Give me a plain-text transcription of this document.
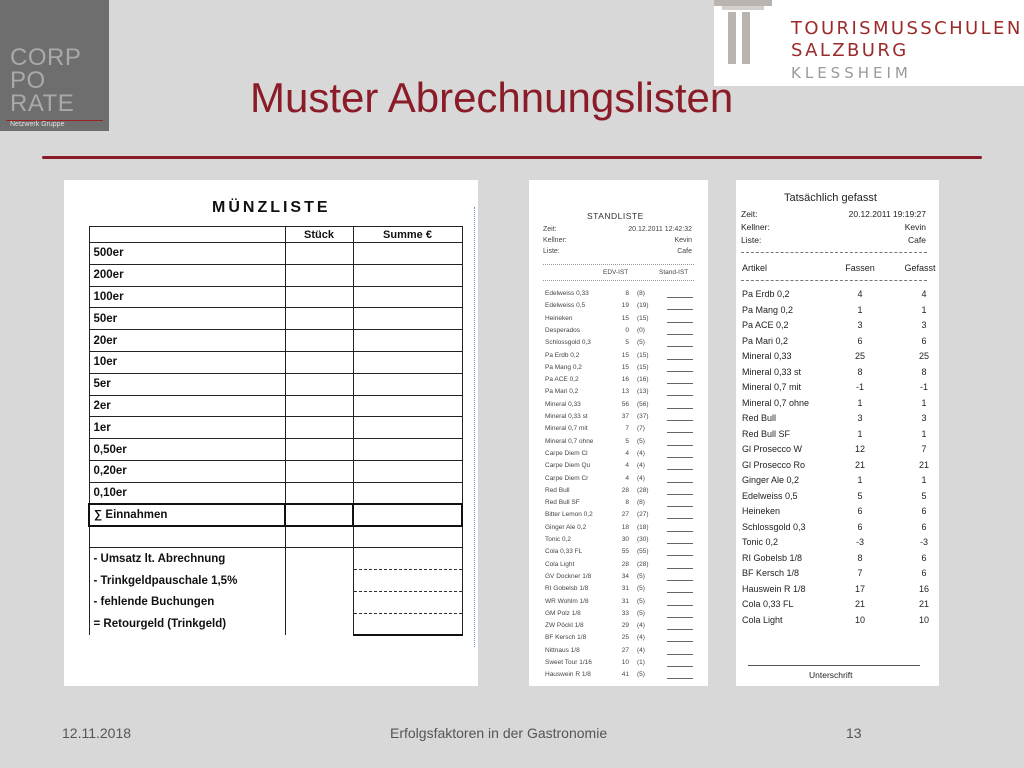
CORP
PO
RATE
Netzwerk Gruppe
TOURISMUSSCHULEN
SALZBURG
KLESSHEIM
Muster Abrechnungslisten
MÜNZLISTE
	Stück	Summe €
500er		
200er		
100er		
50er		
20er		
10er		
5er		
2er		
1er		
0,50er		
0,20er		
0,10er		
∑ Einnahmen		

- Umsatz lt. Abrechnung		
- Trinkgeldpauschale 1,5%		
- fehlende Buchungen		
= Retourgeld (Trinkgeld)		
STANDLISTE
Zeit:	20.12.2011 12:42:32
Kellner:	Kevin
Liste:	Cafe
EDV-IST	Stand-IST
Edelweiss 0,33	8 (8)
Edelweiss 0,5	19 (19)
Heineken	15 (15)
Desperados	0 (0)
Schlossgold 0,3	5 (5)
Pa Erdb 0,2	15 (15)
Pa Mang 0,2	15 (15)
Pa ACE 0,2	16 (16)
Pa Mari 0,2	13 (13)
Mineral 0,33	56 (56)
Mineral 0,33 st	37 (37)
Mineral 0,7 mit	7 (7)
Mineral 0,7 ohne	5 (5)
Carpe Diem Cl	4 (4)
Carpe Diem Qu	4 (4)
Carpe Diem Cr	4 (4)
Red Bull	28 (28)
Red Bull SF	8 (8)
Bitter Lemon 0,2	27 (27)
Ginger Ale 0,2	18 (18)
Tonic 0,2	30 (30)
Cola 0,33 FL	55 (55)
Cola Light	28 (28)
GV Dockner 1/8	34 (5)
RI Gobelsb 1/8	31 (5)
WR Wohlm 1/8	31 (5)
GM Polz 1/8	33 (5)
ZW Pöckl 1/8	29 (4)
BF Kersch 1/8	25 (4)
Nittnaus 1/8	27 (4)
Sweet Tour 1/16	10 (1)
Hauswein R 1/8	41 (5)
Tatsächlich gefasst
Zeit:	20.12.2011 19:19:27
Kellner:	Kevin
Liste:	Cafe
Artikel	Fassen	Gefasst
Pa Erdb 0,2	4	4
Pa Mang 0,2	1	1
Pa ACE 0,2	3	3
Pa Mari 0,2	6	6
Mineral 0,33	25	25
Mineral 0,33 st	8	8
Mineral 0,7 mit	-1	-1
Mineral 0,7 ohne	1	1
Red Bull	3	3
Red Bull SF	1	1
Gl Prosecco W	12	7
Gl Prosecco Ro	21	21
Ginger Ale 0,2	1	1
Edelweiss 0,5	5	5
Heineken	6	6
Schlossgold 0,3	6	6
Tonic 0,2	-3	-3
RI Gobelsb 1/8	8	6
BF Kersch 1/8	7	6
Hauswein R 1/8	17	16
Cola 0,33 FL	21	21
Cola Light	10	10
Unterschrift
12.11.2018	Erfolgsfaktoren in der Gastronomie	13
